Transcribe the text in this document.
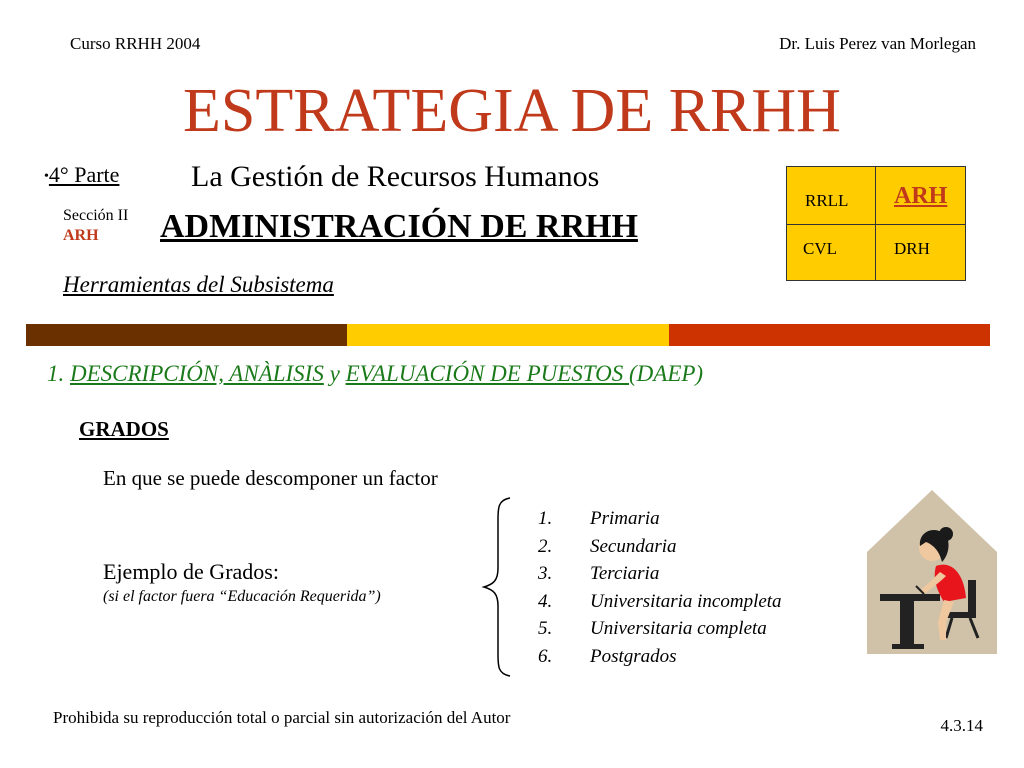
Curso RRHH 2004	Dr. Luis Perez van Morlegan
ESTRATEGIA DE RRHH
•4° Parte La Gestión de Recursos Humanos
Sección II
ARH	ADMINISTRACIÓN DE RRHH
Herramientas del Subsistema
RRLL ARH
CVL	DRH
1. DESCRIPCIÓN, ANÀLISIS y EVALUACIÓN DE PUESTOS (DAEP)
GRADOS
En que se puede descomponer un factor
Ejemplo de Grados:
(si el factor fuera “Educación Requerida”)
1. Primaria
2. Secundaria
3. Terciaria
4. Universitaria incompleta
5. Universitaria completa
6. Postgrados
Prohibida su reproducción total o parcial sin autorización del Autor	4.3.14
